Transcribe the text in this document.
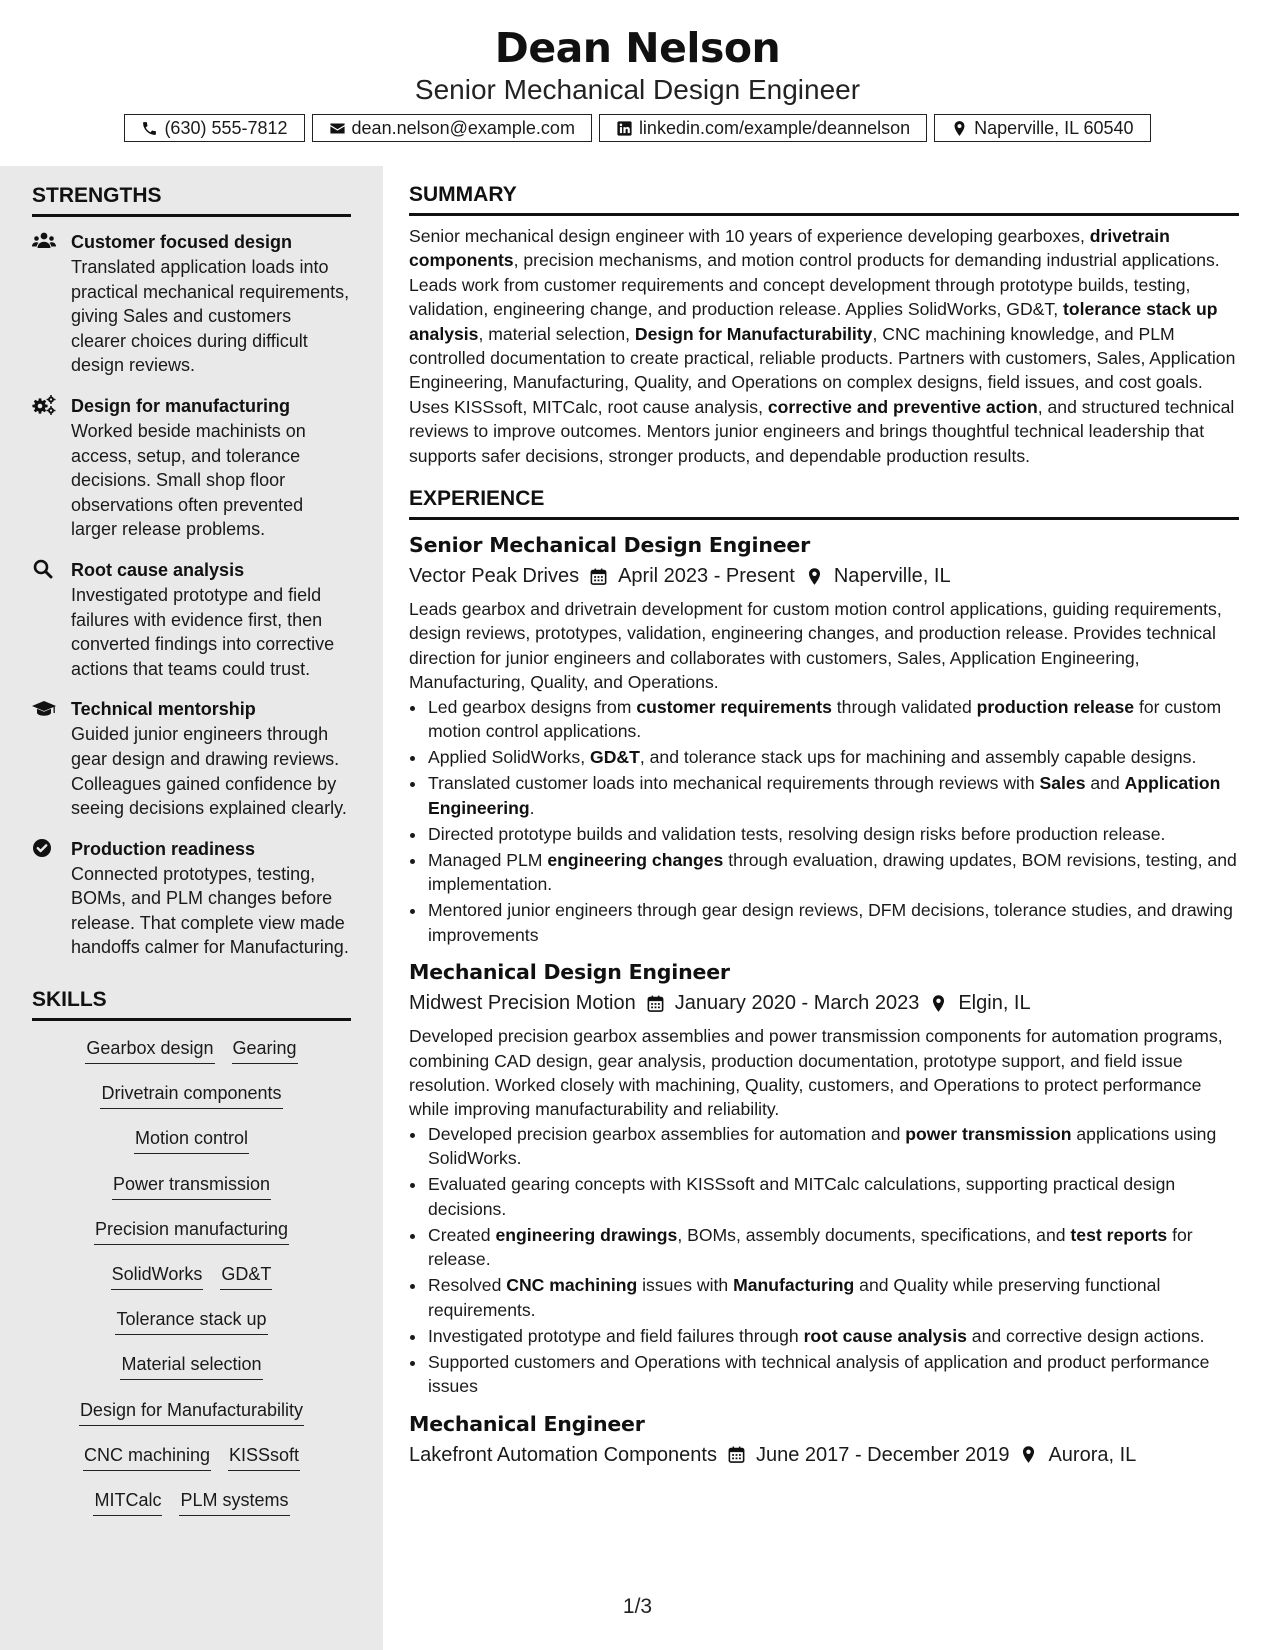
Dean Nelson
Senior Mechanical Design Engineer
(630) 555-7812	dean.nelson@example.com	linkedin.com/example/deannelson	Naperville, IL 60540
STRENGTHS
Customer focused design
Translated application loads into practical mechanical requirements, giving Sales and customers clearer choices during difficult design reviews.
Design for manufacturing
Worked beside machinists on access, setup, and tolerance decisions. Small shop floor observations often prevented larger release problems.
Root cause analysis
Investigated prototype and field failures with evidence first, then converted findings into corrective actions that teams could trust.
Technical mentorship
Guided junior engineers through gear design and drawing reviews. Colleagues gained confidence by seeing decisions explained clearly.
Production readiness
Connected prototypes, testing, BOMs, and PLM changes before release. That complete view made handoffs calmer for Manufacturing.
SKILLS
Gearbox design Gearing
Drivetrain components
Motion control
Power transmission
Precision manufacturing
SolidWorks GD&T
Tolerance stack up
Material selection
Design for Manufacturability
CNC machining KISSsoft
MITCalc PLM systems
SUMMARY
Senior mechanical design engineer with 10 years of experience developing gearboxes, drivetrain components, precision mechanisms, and motion control products for demanding industrial applications. Leads work from customer requirements and concept development through prototype builds, testing, validation, engineering change, and production release. Applies SolidWorks, GD&T, tolerance stack up analysis, material selection, Design for Manufacturability, CNC machining knowledge, and PLM controlled documentation to create practical, reliable products. Partners with customers, Sales, Application Engineering, Manufacturing, Quality, and Operations on complex designs, field issues, and cost goals. Uses KISSsoft, MITCalc, root cause analysis, corrective and preventive action, and structured technical reviews to improve outcomes. Mentors junior engineers and brings thoughtful technical leadership that supports safer decisions, stronger products, and dependable production results.
EXPERIENCE
Senior Mechanical Design Engineer
Vector Peak Drives April 2023 - Present Naperville, IL
Leads gearbox and drivetrain development for custom motion control applications, guiding requirements, design reviews, prototypes, validation, engineering changes, and production release. Provides technical direction for junior engineers and collaborates with customers, Sales, Application Engineering, Manufacturing, Quality, and Operations.
• Led gearbox designs from customer requirements through validated production release for custom motion control applications.
• Applied SolidWorks, GD&T, and tolerance stack ups for machining and assembly capable designs.
• Translated customer loads into mechanical requirements through reviews with Sales and Application Engineering.
• Directed prototype builds and validation tests, resolving design risks before production release.
• Managed PLM engineering changes through evaluation, drawing updates, BOM revisions, testing, and implementation.
• Mentored junior engineers through gear design reviews, DFM decisions, tolerance studies, and drawing improvements
Mechanical Design Engineer
Midwest Precision Motion January 2020 - March 2023 Elgin, IL
Developed precision gearbox assemblies and power transmission components for automation programs, combining CAD design, gear analysis, production documentation, prototype support, and field issue resolution. Worked closely with machining, Quality, customers, and Operations to protect performance while improving manufacturability and reliability.
• Developed precision gearbox assemblies for automation and power transmission applications using SolidWorks.
• Evaluated gearing concepts with KISSsoft and MITCalc calculations, supporting practical design decisions.
• Created engineering drawings, BOMs, assembly documents, specifications, and test reports for release.
• Resolved CNC machining issues with Manufacturing and Quality while preserving functional requirements.
• Investigated prototype and field failures through root cause analysis and corrective design actions.
• Supported customers and Operations with technical analysis of application and product performance issues
Mechanical Engineer
Lakefront Automation Components June 2017 - December 2019 Aurora, IL
1/3
